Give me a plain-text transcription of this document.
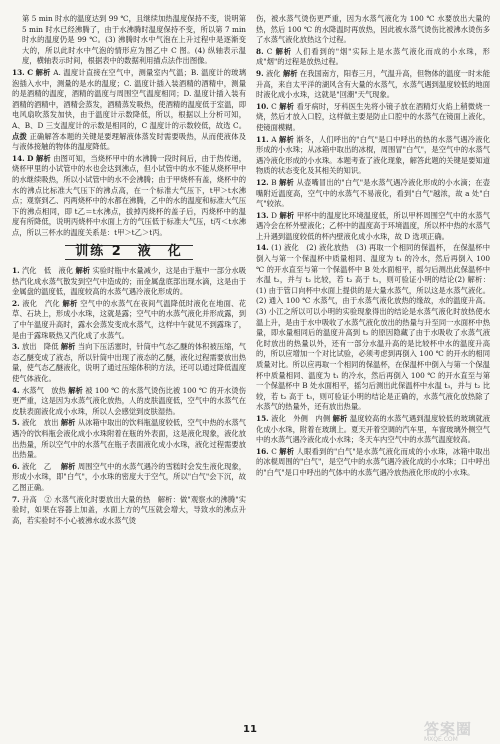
第 5 min 时水的温度达到 99 ℃，且继续加热温度保持不变，说明第 5 min 时水已经沸腾了，由于水沸腾时温度保持不变，所以第 7 min 时水的温度仍是 99 ℃。(3) 沸腾时水中气泡在上升过程中是逐渐变大的，所以此时水中气泡的情形应为图乙中 C 图。(4) 纵轴表示温度，横轴表示时间，根据表中的数据利用描点法作出图像。

13. C 解析 A. 温度计直接在空气中，测量室内气温；B. 温度计的玻璃泡插入水中，测量的是水的温度；C. 温度计插入装酒精的酒精中，测量的是酒精的温度，酒精的温度与周围空气温度相同；D. 温度计插入装有酒精的酒精中，酒精会蒸发，酒精蒸发吸热，使酒精的温度低于室温，即电风扇吹蒸发加快，由于温度计示数降低，所以，根据以上分析可知，A、B、D 三支温度计的示数是相同的，C 温度计的示数较低，故选 C。 点拨 正确解答本题的关键是要理解液体蒸发时需要吸热，从而使液体及与液体接触的物体的温度降低。

14. D 解析 由图可知，当烧杯甲中的水沸腾一段时间后，由于热传递，烧杯甲里的小试管中的水也会达到沸点，但小试管中的水不能从烧杯甲中的水继续吸热，所以小试管中的水不会沸腾；由于甲烧杯有盖，烧杯中的水的沸点比标准大气压下的沸点高，在一个标准大气压下，t甲＞t水沸点；观察到乙、丙两烧杯中的水都在沸腾，乙中的水的温度和标准大气压下的沸点相同，即 t乙＝t水沸点，拔掉丙烧杯的盖子后，丙烧杯中的温度有所降低，说明丙烧杯中水面上方的气压低于标准大气压，t丙＜t水沸点，所以三杯水的温度关系是：t甲＞t乙＞t丙。

训练 2　液　化

1. 汽化　低　液化 解析 实验时瓶中水量减少，这是由于瓶中一部分水吸热汽化成水蒸气散发到空气中造成的；而金属盘底部出现水滴，这是由于金属盘的温度低，温度较高的水蒸气遇冷液化形成的。

2. 液化　汽化 解析 空气中的水蒸气在夜间气温降低时液化在地面、花草、石块上，形成小水珠，这就是露；空气中的水蒸气液化并形成露，到了中午温度升高时，露水会蒸发变成水蒸气，这样中午就见不到露珠了，是由于露珠吸热又汽化成了水蒸气。

3. 放出　降低 解析 当向下压活塞时，针筒中气态乙醚的体积被压缩，气态乙醚变成了液态，所以针筒中出现了液态的乙醚，液化过程需要放出热量，使气态乙醚液化，说明了通过压缩体积的方法，还可以通过降低温度使气体液化。

4. 水蒸气　放热 解析 被 100 ℃ 的水蒸气烫伤比被 100 ℃ 的开水烫伤更严重，这是因为水蒸气液化放热，人的皮肤温度低，空气中的水蒸气在皮肤表面液化成小水珠，所以人会感觉到皮肤湿热。

5. 液化　放出 解析 从冰箱中取出的饮料瓶温度较低，空气中热的水蒸气遇冷的饮料瓶会液化成小水珠附着在瓶的外表面，这是液化现象，液化放出热量，所以空气中的水蒸气在瓶子表面液化成小水珠，液化过程需要放出热量。

6. 液化　乙　 解析 周围空气中的水蒸气遇冷的雪糕时会发生液化现象，形成小水珠，即"白气"，小水珠的密度大于空气，所以"白气"会下沉，故乙图正确。

7. 升高　② 水蒸气液化时要放出大量的热　解析：做"观察水的沸腾"实验时，如果在容器上加盖，水面上方的气压就会增大，导致水的沸点升高，若实验时不小心被沸水或水蒸气烫

伤，被水蒸气烫伤更严重，因为水蒸气液化为 100 ℃ 水要放出大量的热，然后 100 ℃ 的水降温时再放热，因此被水蒸气烫伤比被沸水烫伤多了水蒸气液化放热这个过程。

8. C 解析 人们看到的"烟"实际上是水蒸气液化而成的小水珠，形成"烟"的过程是放热过程。

9. 液化 解析 在我国南方，阳春三月，气温升高，但物体的温度一时未能升高，来自太平洋的湖风含有大量的水蒸气，水蒸气遇到温度较低的地面时液化成小水珠，这就是"回潮"天气现象。

10. C 解析 看牙病时，牙科医生先将小镜子放在酒精灯火焰上稍微烧一烧，然后才放入口腔，这样做主要是防止口腔中的水蒸气在镜面上液化，使镜面模糊。

11. A 解析 渐冬，人们呼出的"白气"是口中呼出的热的水蒸气遇冷液化形成的小水珠；从冰箱中取出的冰棍，周围冒"白气"，是空气中的水蒸气遇冷液化形成的小水珠。本题考查了液化现象，解答此题的关键是要知道物质的状态变化及其相关的知识。

12. B 解析 从壶嘴冒出的"白气"是水蒸气遇冷液化形成的小水滴；在壶嘴附近温度高，空气中的水蒸气不易液化，看到"白气"越浓，故 a 处"白气"较浓。

13. D 解析 甲杯中的温度比环境温度低，所以甲杯周围空气中的水蒸气遇冷会在杯外壁液化；乙杯中的温度高于环境温度，所以杯中热的水蒸气上升遇到温度较低的杯内壁液化成小水珠，故 D 选项正确。

14. (1) 液化　(2) 液化放热　(3) 再取一个相同的保温杯， 在保温杯中倒入与第一个保温杯中质量相同、温度为 t₁ 的冷水，然后再倒入 100 ℃ 的开水直至与第一个保温杯中 B 处水面相平，摇匀后测出此保温杯中水温 t₂，并与 t₂ 比较，若 t₂ 高于 t₁，则可验证小明的结论(2) 解析：(1) 由于管口向杯中水面上提供的是大量水蒸气，所以这是水蒸气液化。(2) 通入 100 ℃ 水蒸气，由于水蒸气液化放热的缘故，水的温度升高。(3) 小江之所以可以小明的实验现象得出的结论是水蒸气液化时放热使水温上升，是由于水中吸收了水蒸气液化放出的热量与升至同一水面杯中热量，即水量相同后的温度升高到 t₂ 的原因隐藏了由于水吸收了水蒸气液化时放出的热量以外，还有一部分水温升高的是比较杯中水的温度升高的，所以应增加一个对比试验，必须考虑到再倒入 100 ℃ 的开水的相同质量对比。所以应再取一个相同的保温杯，在保温杯中倒入与第一个保温杯中质量相同、温度为 t₁ 的冷水，然后再倒入 100 ℃ 的开水直至与第一个保温杯中 B 处水面相平，摇匀后测出此保温杯中水温 t₃，并与 t₂ 比较，若 t₂ 高于 t₃，则可验证小明的结论是正确的，水蒸气液化放热除了水蒸气的热量外，还有放出热量。

15. 液化　外侧　内侧 解析 温度较高的水蒸气遇到温度较低的玻璃就液化成小水珠，附着在玻璃上。夏天开着空调的汽车里，车窗玻璃外侧空气中的水蒸气遇冷液化成小水珠；冬天车内空气中的水蒸气温度较高。

16. C 解析 人眼看到的"白气"是水蒸气液化而成的小水珠，冰箱中取出的冰棍周围的"白气"，是空气中的水蒸气遇冷液化成的小水珠；口中呼出的"白气"是口中呼出的气体中的水蒸气遇冷放热液化形成的小水珠。

11	答案圈
MXQE.COM
